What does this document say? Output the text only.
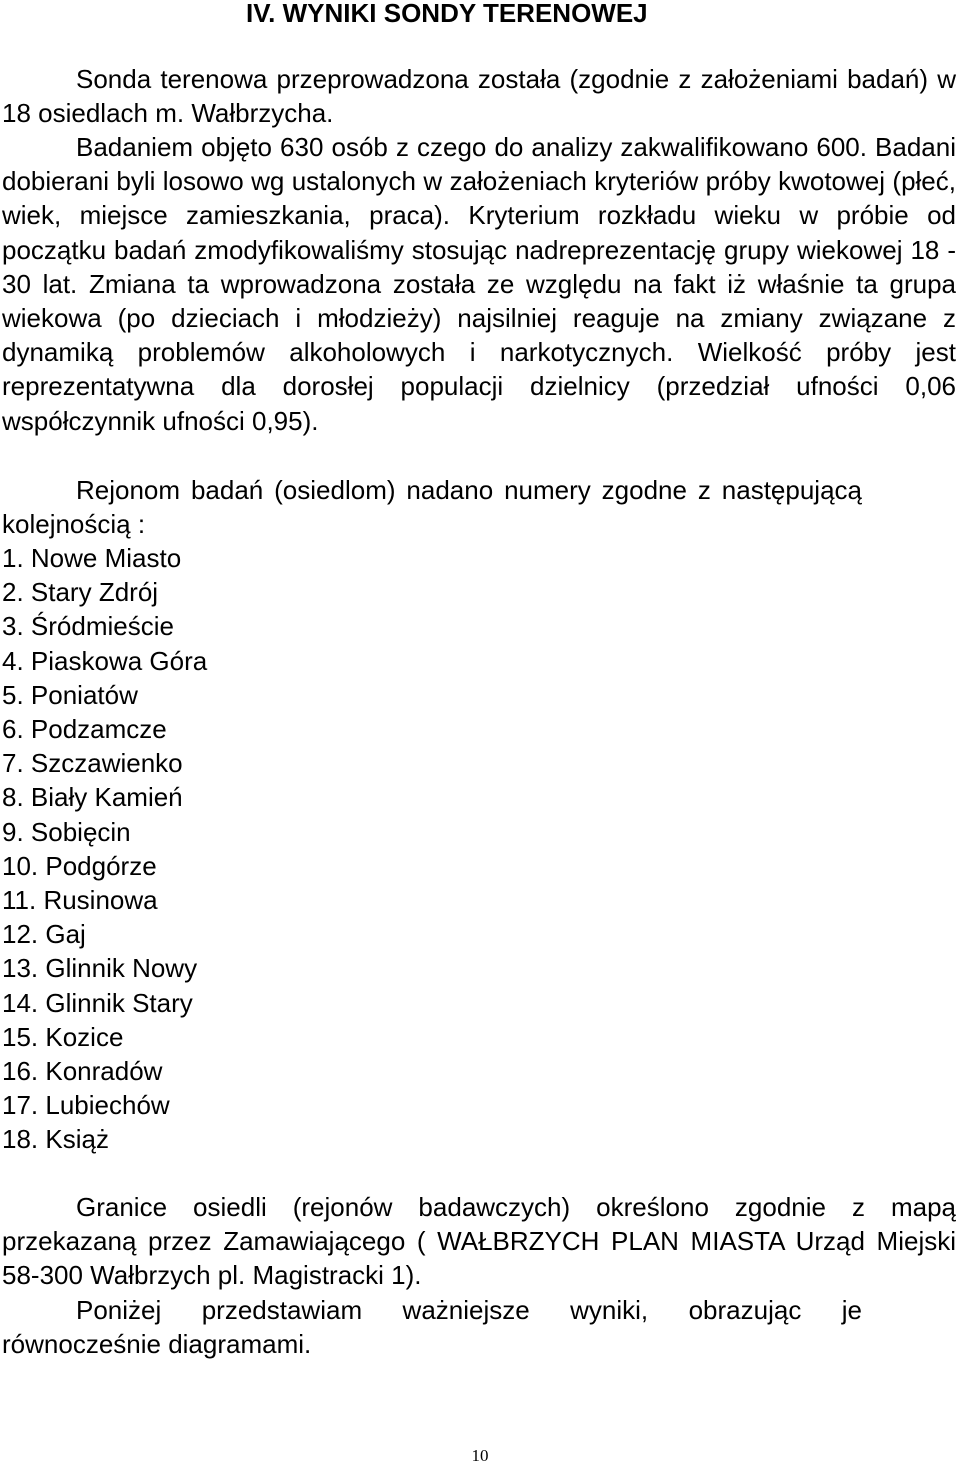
IV. WYNIKI SONDY TERENOWEJ

Sonda terenowa przeprowadzona została (zgodnie z założeniami badań) w 18 osiedlach m. Wałbrzycha.

Badaniem objęto 630 osób z czego do analizy zakwalifikowano 600. Badani dobierani byli losowo wg ustalonych w założeniach kryteriów próby kwotowej (płeć, wiek, miejsce zamieszkania, praca). Kryterium rozkładu wieku w próbie od początku badań zmodyfikowaliśmy stosując nadreprezentację grupy wiekowej 18 - 30 lat. Zmiana ta wprowadzona została ze względu na fakt iż właśnie ta grupa wiekowa (po dzieciach i młodzieży) najsilniej reaguje na zmiany związane z dynamiką problemów alkoholowych i narkotycznych. Wielkość próby jest reprezentatywna dla dorosłej populacji dzielnicy (przedział ufności 0,06 współczynnik ufności 0,95).

Rejonom badań (osiedlom) nadano numery zgodne z następującą kolejnością :

1. Nowe Miasto
2. Stary Zdrój
3. Śródmieście
4. Piaskowa Góra
5. Poniatów
6. Podzamcze
7. Szczawienko
8. Biały Kamień
9. Sobięcin
10. Podgórze
11. Rusinowa
12. Gaj
13. Glinnik Nowy
14. Glinnik Stary
15. Kozice
16. Konradów
17. Lubiechów
18. Książ

Granice osiedli (rejonów badawczych) określono zgodnie z mapą przekazaną przez Zamawiającego ( WAŁBRZYCH PLAN MIASTA Urząd Miejski 58-300 Wałbrzych pl. Magistracki 1).

Poniżej przedstawiam ważniejsze wyniki, obrazując je równocześnie diagramami.

10
